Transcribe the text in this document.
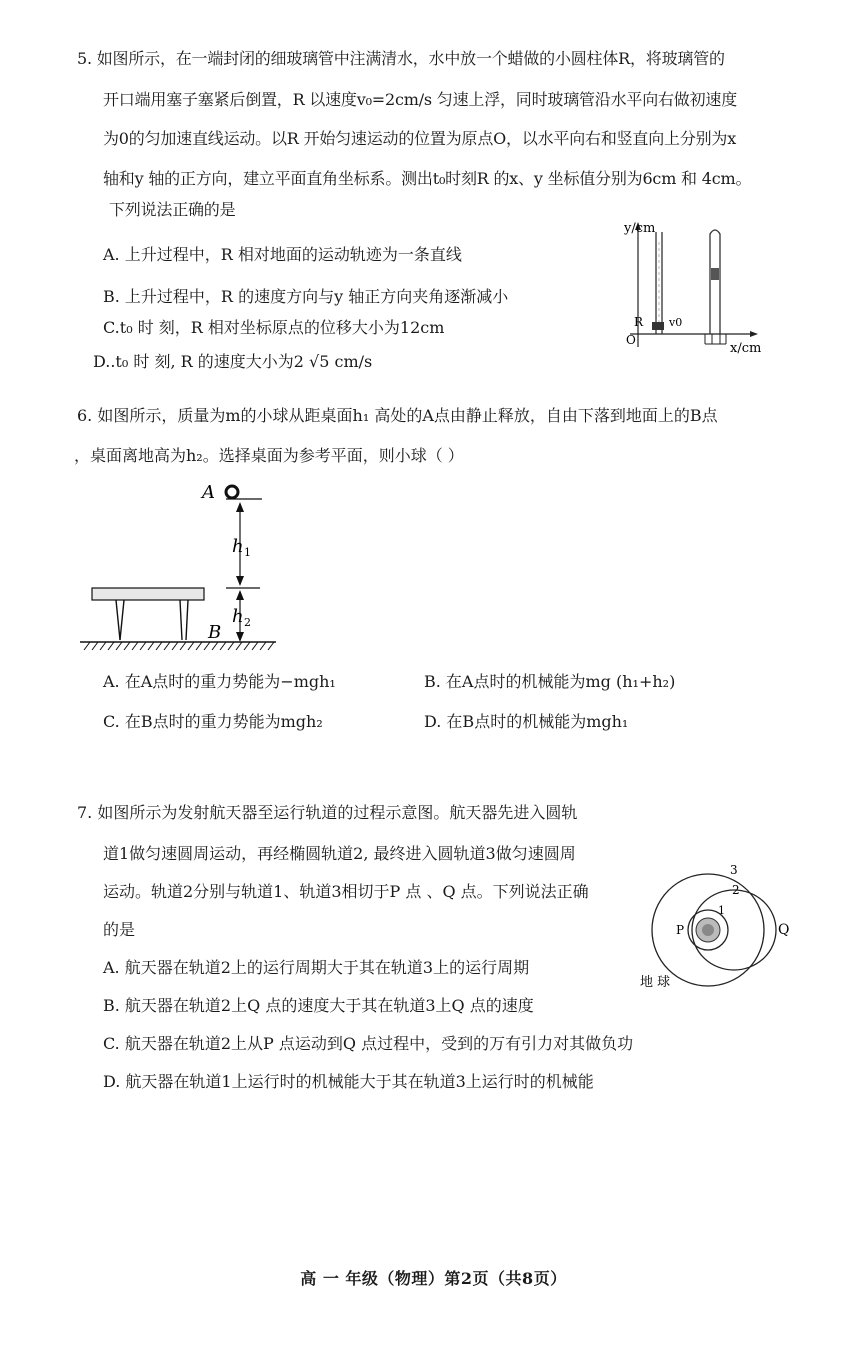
5. 如图所示，在一端封闭的细玻璃管中注满清水，水中放一个蜡做的小圆柱体R，将玻璃管的
开口端用塞子塞紧后倒置，R 以速度v₀=2cm/s 匀速上浮，同时玻璃管沿水平向右做初速度
为0的匀加速直线运动。以R 开始匀速运动的位置为原点O，以水平向右和竖直向上分别为x
轴和y 轴的正方向，建立平面直角坐标系。测出t₀时刻R 的x、y 坐标值分别为6cm 和 4cm。
下列说法正确的是
A. 上升过程中，R 相对地面的运动轨迹为一条直线
B. 上升过程中，R 的速度方向与y 轴正方向夹角逐渐减小
C.t₀ 时 刻，R 相对坐标原点的位移大小为12cm
D..t₀ 时 刻, R 的速度大小为2 √5 cm/s
y/cm
x/cm
R v0
O
6. 如图所示，质量为m的小球从距桌面h₁ 高处的A点由静止释放，自由下落到地面上的B点
，桌面离地高为h₂。选择桌面为参考平面，则小球（ ）
A
h 1
h 2
B
A. 在A点时的重力势能为−mgh₁	B. 在A点时的机械能为mg (h₁+h₂)
C. 在B点时的重力势能为mgh₂	D. 在B点时的机械能为mgh₁
7. 如图所示为发射航天器至运行轨道的过程示意图。航天器先进入圆轨
道1做匀速圆周运动，再经椭圆轨道2, 最终进入圆轨道3做匀速圆周
运动。轨道2分别与轨道1、轨道3相切于P 点 、Q 点。下列说法正确
的是
A. 航天器在轨道2上的运行周期大于其在轨道3上的运行周期
B. 航天器在轨道2上Q 点的速度大于其在轨道3上Q 点的速度
C. 航天器在轨道2上从P 点运动到Q 点过程中，受到的万有引力对其做负功
D. 航天器在轨道1上运行时的机械能大于其在轨道3上运行时的机械能
3
2
1
P	Q
地 球
高 一 年级（物理）第2页（共8页）
